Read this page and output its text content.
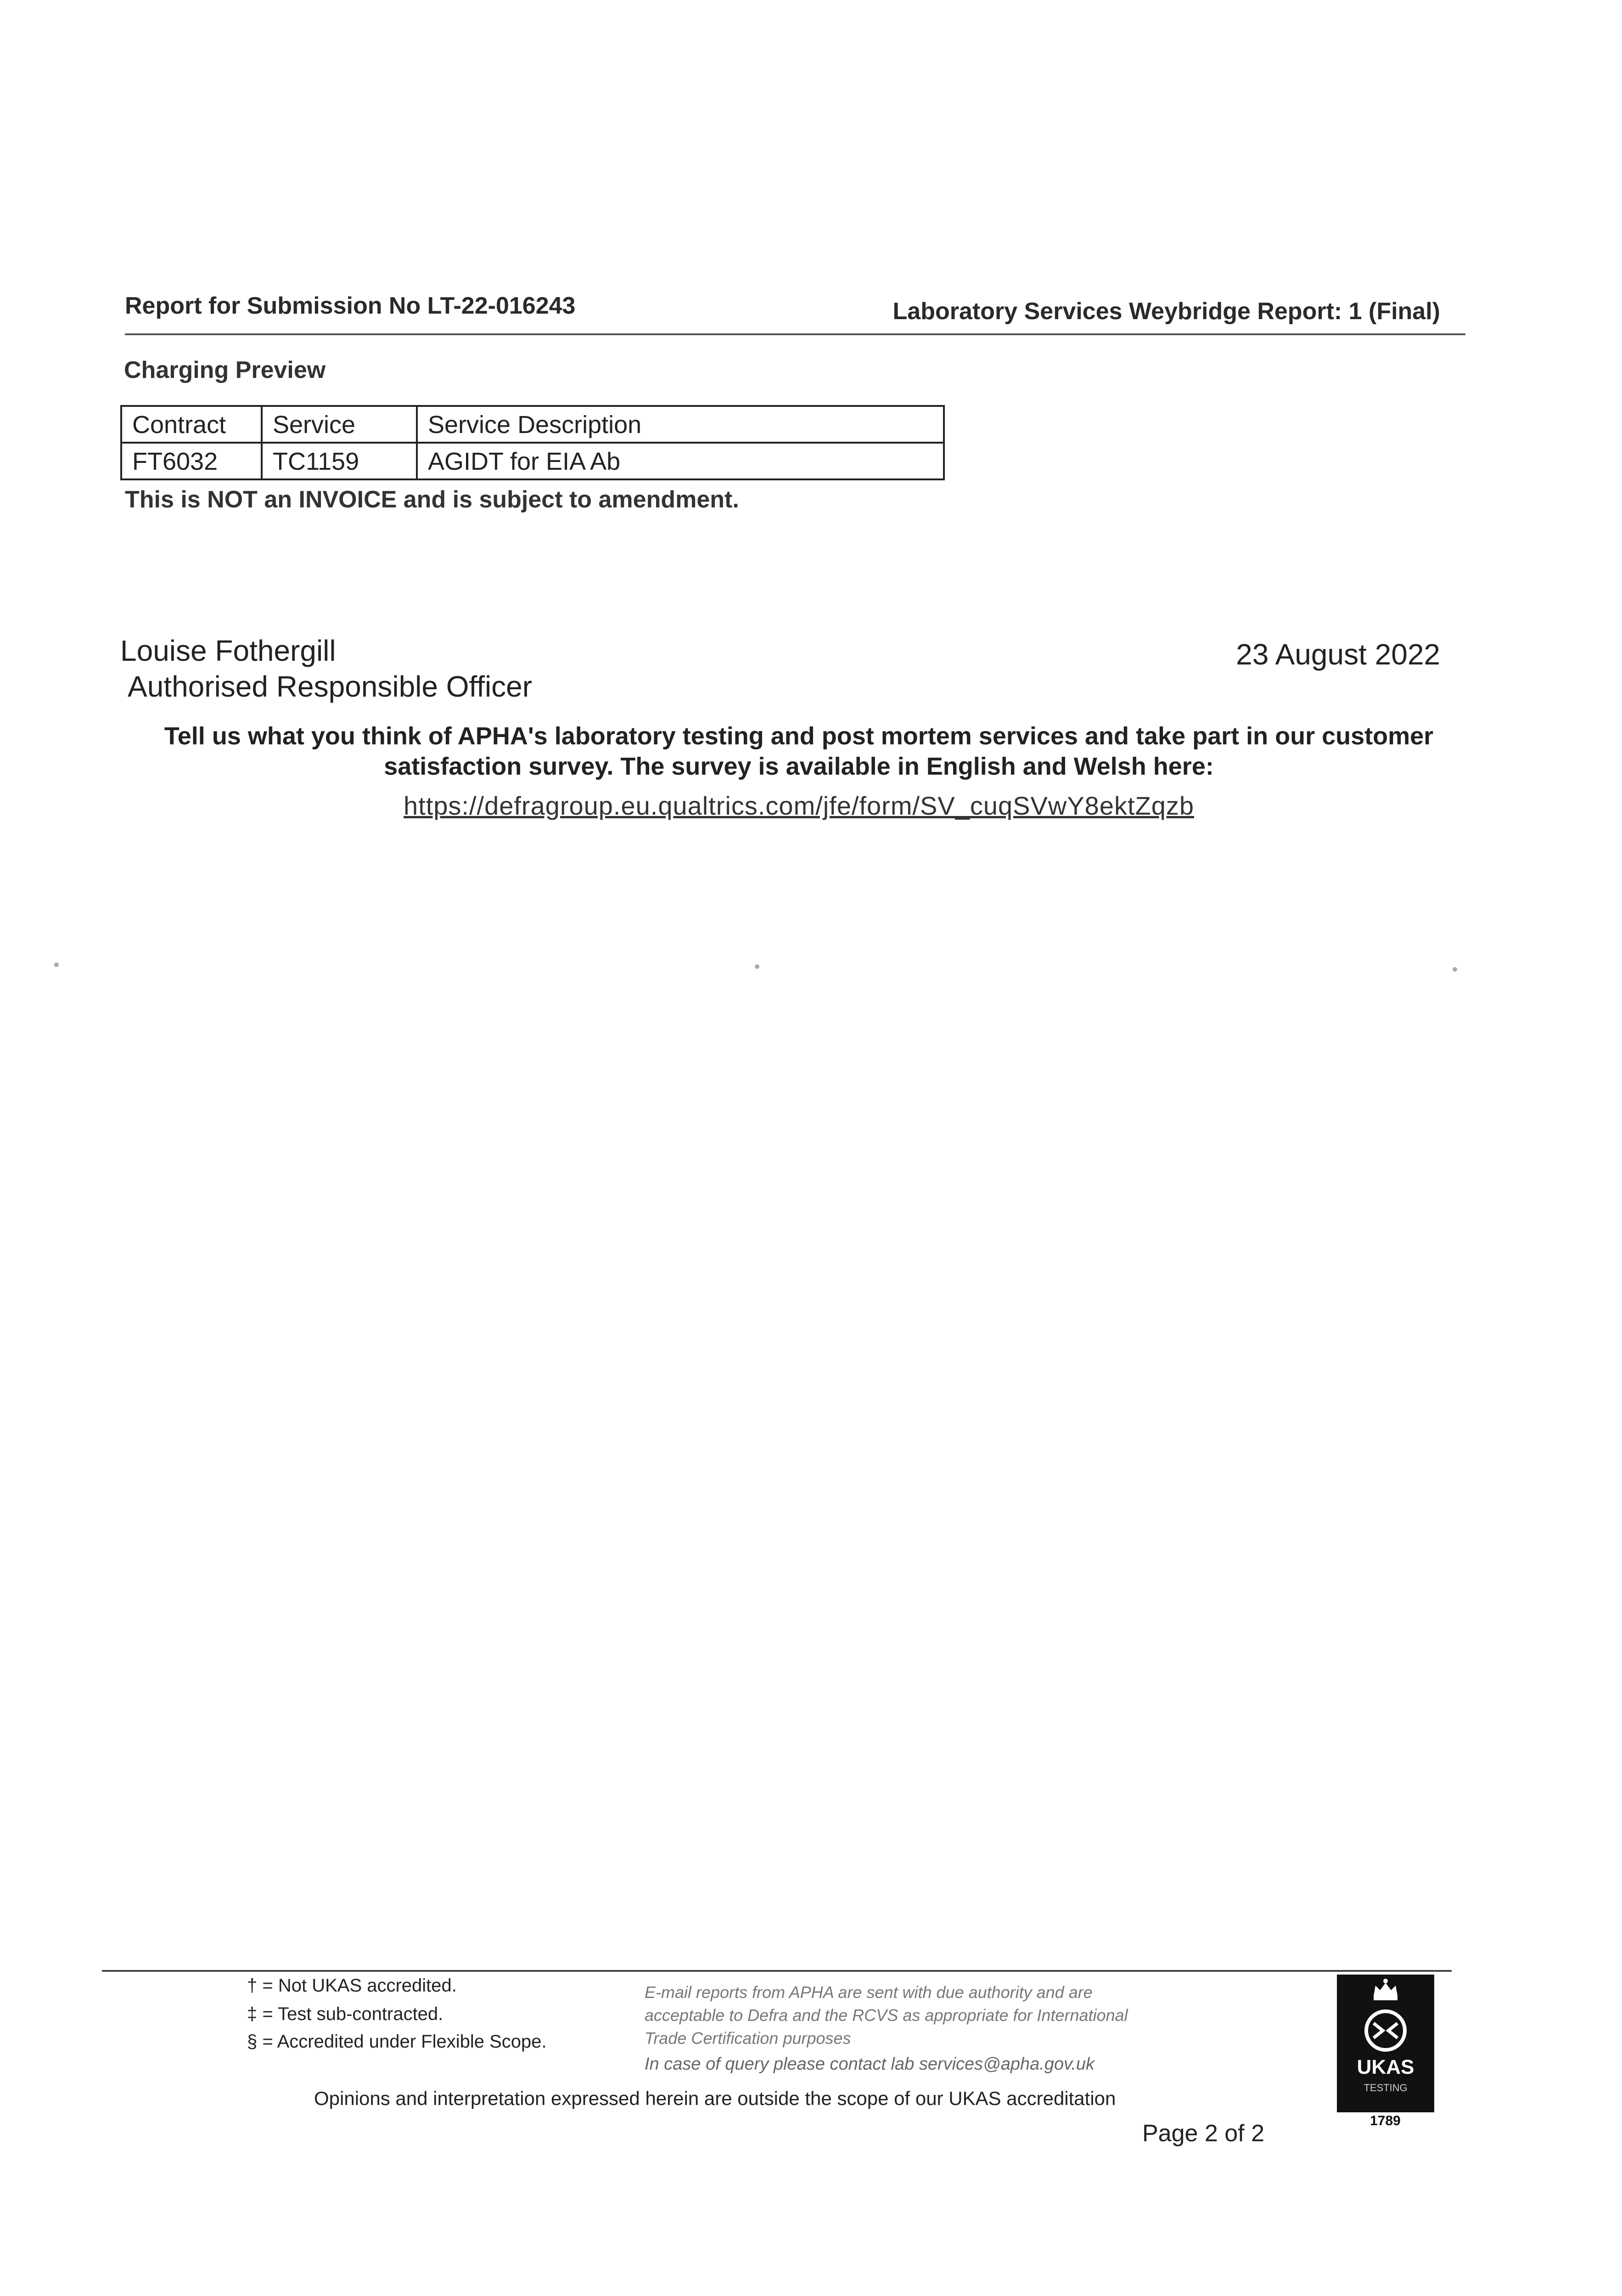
Report for Submission No LT-22-016243	Laboratory Services Weybridge Report: 1 (Final)
Charging Preview
Contract	Service	Service Description
FT6032	TC1159	AGIDT for EIA Ab
This is NOT an INVOICE and is subject to amendment.
Louise Fothergill
Authorised Responsible Officer
23 August 2022
Tell us what you think of APHA's laboratory testing and post mortem services and take part in our customer satisfaction survey. The survey is available in English and Welsh here:
https://defragroup.eu.qualtrics.com/jfe/form/SV_cuqSVwY8ektZqzb
† = Not UKAS accredited.
‡ = Test sub-contracted.
§ = Accredited under Flexible Scope.
E-mail reports from APHA are sent with due authority and are
acceptable to Defra and the RCVS as appropriate for International
Trade Certification purposes
In case of query please contact lab services@apha.gov.uk
Opinions and interpretation expressed herein are outside the scope of our UKAS accreditation
Page 2 of 2
UKAS
TESTING
1789
